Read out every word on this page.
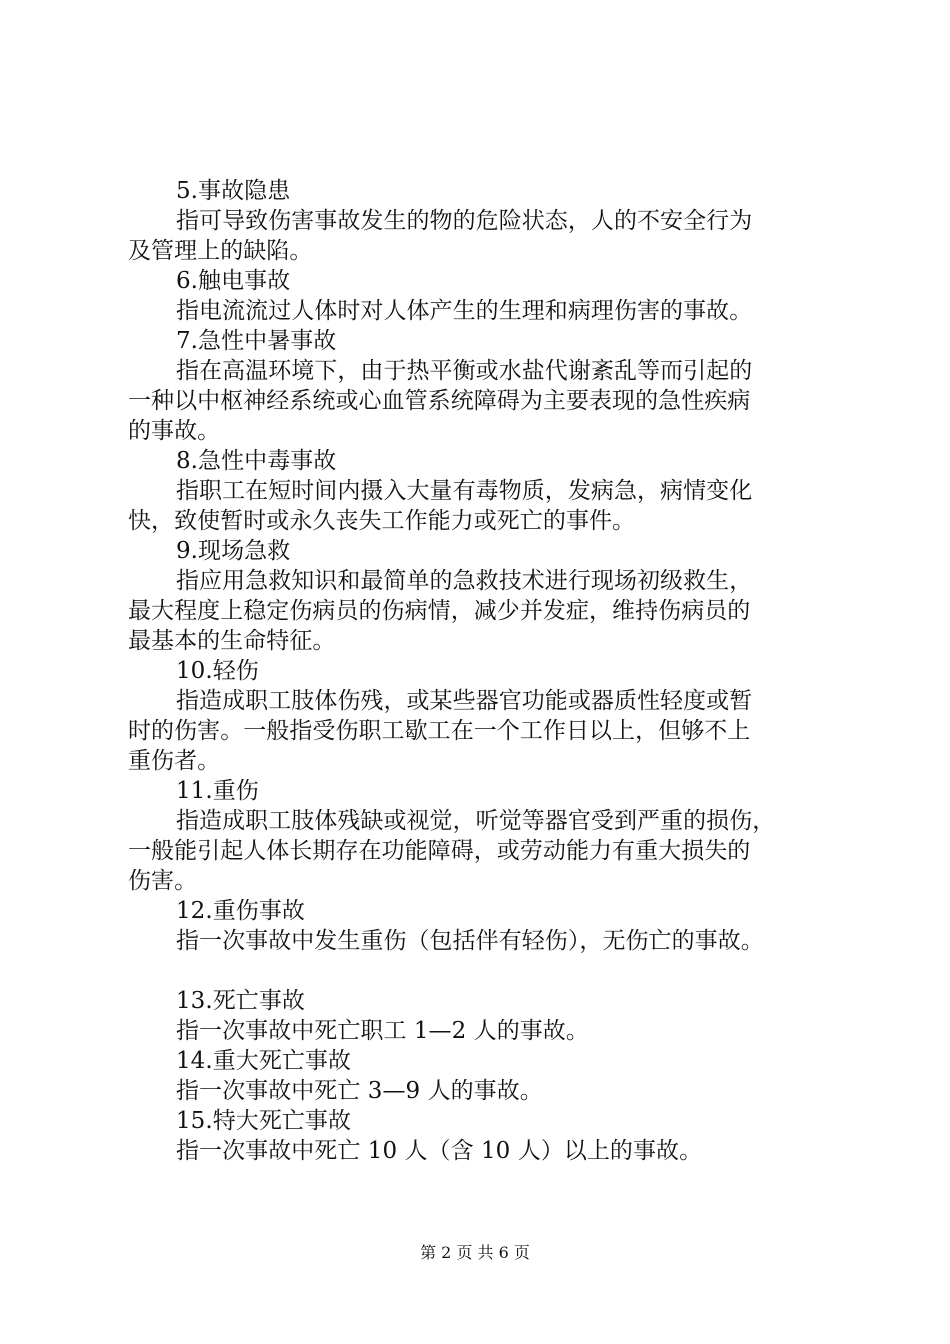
5.事故隐患
指可导致伤害事故发生的物的危险状态，人的不安全行为
及管理上的缺陷。
6.触电事故
指电流流过人体时对人体产生的生理和病理伤害的事故。
7.急性中暑事故
指在高温环境下，由于热平衡或水盐代谢紊乱等而引起的
一种以中枢神经系统或心血管系统障碍为主要表现的急性疾病
的事故。
8.急性中毒事故
指职工在短时间内摄入大量有毒物质，发病急，病情变化
快，致使暂时或永久丧失工作能力或死亡的事件。
9.现场急救
指应用急救知识和最简单的急救技术进行现场初级救生，
最大程度上稳定伤病员的伤病情，减少并发症，维持伤病员的
最基本的生命特征。
10.轻伤
指造成职工肢体伤残，或某些器官功能或器质性轻度或暂
时的伤害。一般指受伤职工歇工在一个工作日以上，但够不上
重伤者。
11.重伤
指造成职工肢体残缺或视觉，听觉等器官受到严重的损伤，
一般能引起人体长期存在功能障碍，或劳动能力有重大损失的
伤害。
12.重伤事故
指一次事故中发生重伤（包括伴有轻伤），无伤亡的事故。
13.死亡事故
指一次事故中死亡职工 1—2 人的事故。
14.重大死亡事故
指一次事故中死亡 3—9 人的事故。
15.特大死亡事故
指一次事故中死亡 10 人（含 10 人）以上的事故。
第 2 页 共 6 页
